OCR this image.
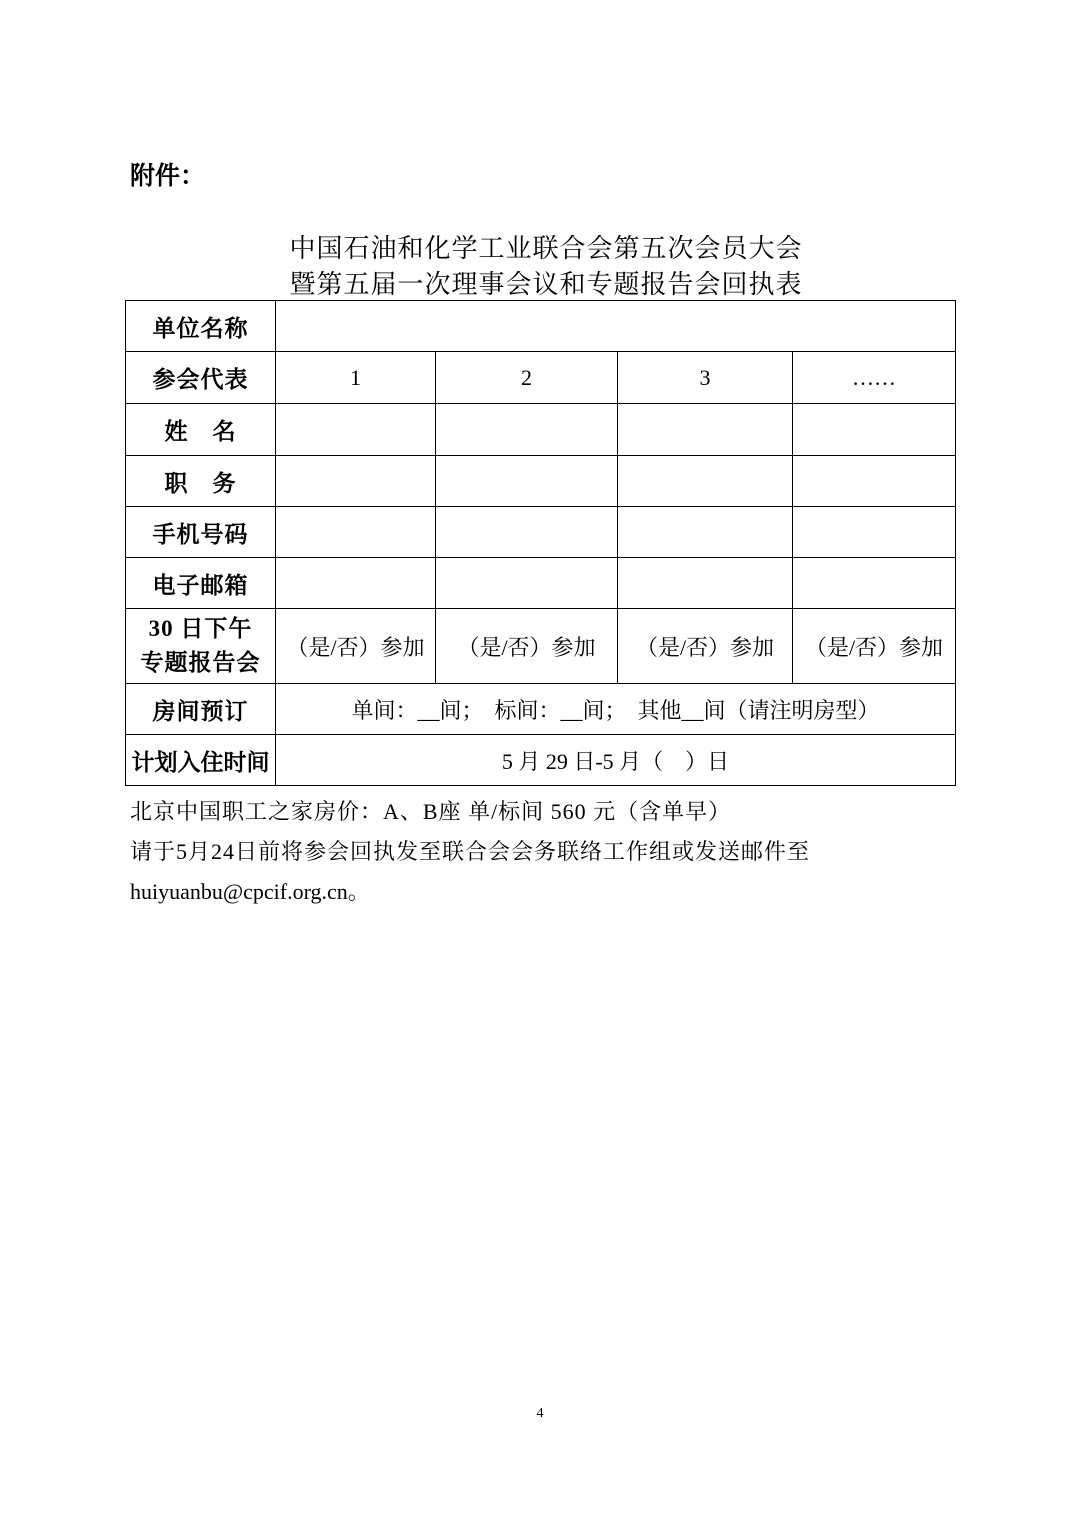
附件：
中国石油和化学工业联合会第五次会员大会
暨第五届一次理事会议和专题报告会回执表
单位名称				
参会代表	1	2	3	……
姓　名				
职　务				
手机号码				
电子邮箱				

30 日下午
专题报告会	（是/否）参加	（是/否）参加	（是/否）参加	（是/否）参加
房间预订	单间：__间；  标间：__间；  其他__间（请注明房型）			
计划入住时间	5 月 29 日-5 月（　）日			
北京中国职工之家房价：A、B座 单/标间 560 元（含单早）
请于5月24日前将参会回执发至联合会会务联络工作组或发送邮件至
huiyuanbu@cpcif.org.cn。
4
